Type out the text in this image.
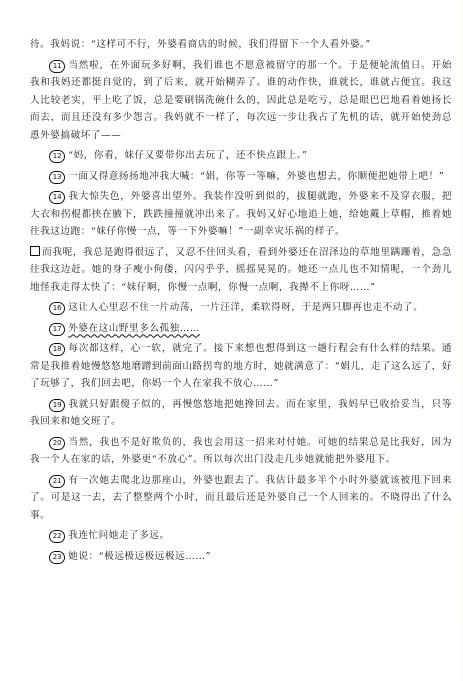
待。我妈说：“这样可不行，外婆看商店的时候，我们得留下一个人看外婆。”

11 当然啦，在外面玩多好啊，我们谁也不愿意被留守的那一个。于是便轮流值日。开始我和我妈还都挺自觉的，到了后来，就开始糊弄了。谁的动作快，谁就长，谁就占便宜。我这人比较老实，平上吃了饭，总是要刷锅洗碗什么的，因此总是吃亏，总是眼巴巴地看着她扬长而去，而且还没有多少怨言。我妈就不一样了，每次远一步让我占了先机的话，就开始使劲总恿外婆搞破坏了——

12 “妈，你看，妹仔又要带你出去玩了，还不快点跟上。”

13 一面又得意扬扬地冲我大喊：“娟，你等一等嘛，外婆也想去，你顺便把她带上吧！”

14 我大惊失色，外婆喜出望外。我装作没听到似的，拔腿就跑，外婆来不及穿衣服，把大衣和拐棍都挟在腋下，跌跌撞撞就冲出来了。我妈又好心地追上她，给她戴上草帽，推着她往我这边跑：“妹仔你慢一点，等一下外婆嘛！”一副幸灾乐祸的样子。

而我呢，我总是跑得很远了，又忍不住回头看，看到外婆还在沼泽边的草地里蹒跚着，急急往我这边赶。她的身子瘦小佝偻，闪闪乎乎，摇摇晃晃的。她还一点儿也不知情呢，一个劲儿地怪我走得太快了：“妹仔啊，你慢一点啊，你慢一点啊，我撵不上你呀……”

16 这让人心里忍不住一片动荡，一片汪洋，柔软得呀，于是两只脚再也走不动了。

17 外婆在这山野里多么孤独……

18 每次都这样，心一软，就完了。接下来想也想得到这一趟行程会有什么样的结果。通常是我推着她慢悠悠地磨蹭到前面山路拐弯的地方时，她就满意了：“娟儿，走了这么远了，好了玩够了，我们回去吧，你妈一个人在家我不放心……”

19 我就只好跟傻子似的，再慢悠悠地把她搀回去。而在家里，我妈早已收拾妥当，只等我回来和她交班了。

20 当然，我也不是好欺负的，我也会用这一招来对付她。可她的结果总是比我好，因为我一个人在家的话，外婆更“不放心”。所以每次出门没走几步她就能把外婆甩下。

21 有一次她去爬北边那座山，外婆也跟去了。我估计最多半个小时外婆就该被甩下回来了。可是这一去，去了整整两个小时，而且最后还是外婆自己一个人回来的。不晓得出了什么事。

22 我连忙问她走了多远。

23 她说：“极远极远极远极远……”
